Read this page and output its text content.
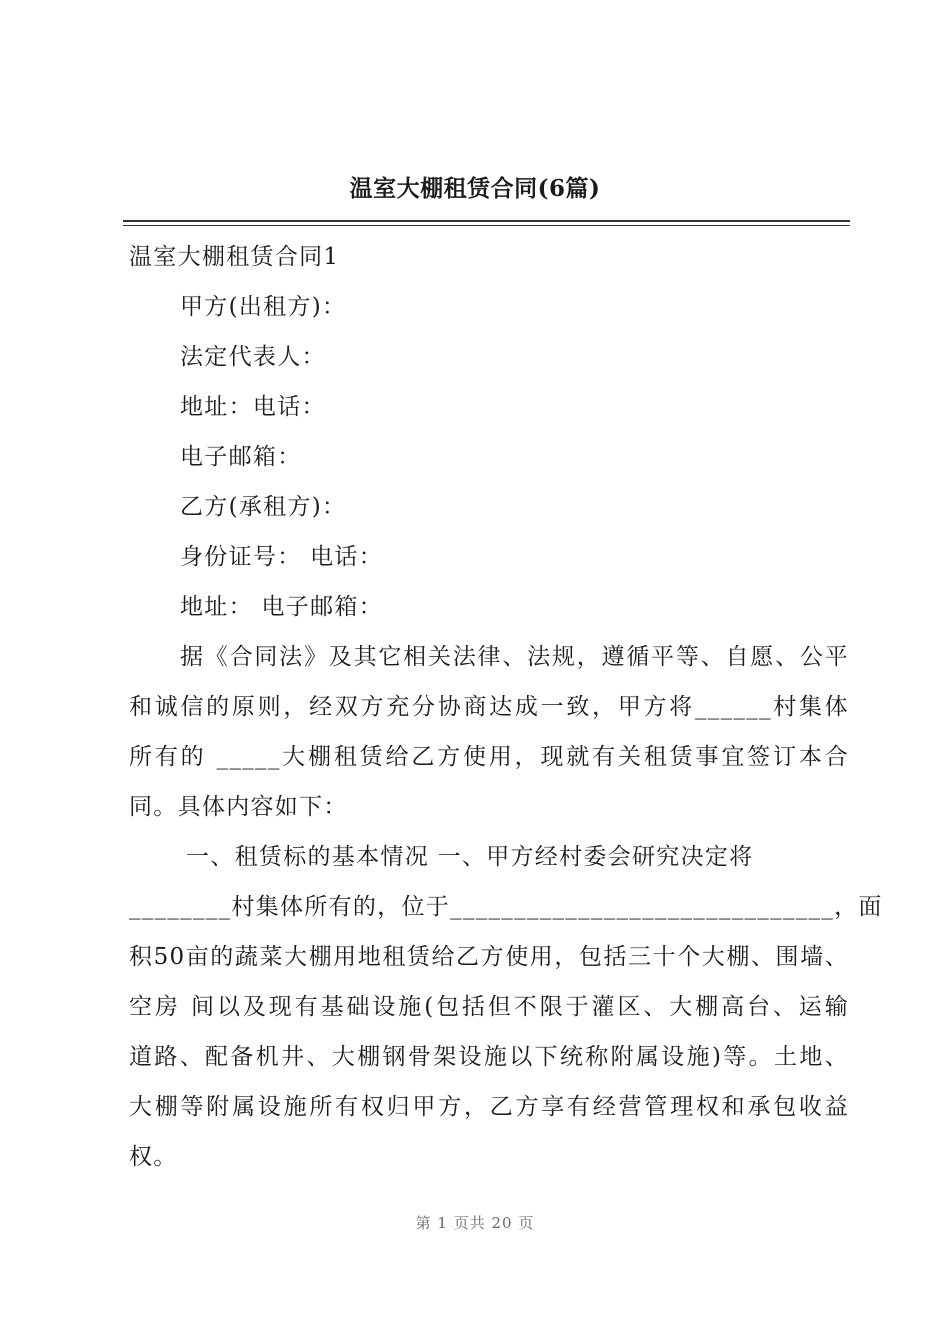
温室大棚租赁合同(6篇)
温室大棚租赁合同1
甲方(出租方)：
法定代表人：
地址：电话：
电子邮箱：
乙方(承租方)：
身份证号： 电话：
地址： 电子邮箱：
据《合同法》及其它相关法律、法规，遵循平等、自愿、公平
和诚信的原则，经双方充分协商达成一致，甲方将______村集体
所有的 _____大棚租赁给乙方使用，现就有关租赁事宜签订本合
同。具体内容如下：
一、租赁标的基本情况 一、甲方经村委会研究决定将
________村集体所有的，位于______________________________，面
积50亩的蔬菜大棚用地租赁给乙方使用，包括三十个大棚、围墙、
空房 间以及现有基础设施(包括但不限于灌区、大棚高台、运输
道路、配备机井、大棚钢骨架设施以下统称附属设施)等。土地、
大棚等附属设施所有权归甲方，乙方享有经营管理权和承包收益
权。
第 1 页共 20 页
